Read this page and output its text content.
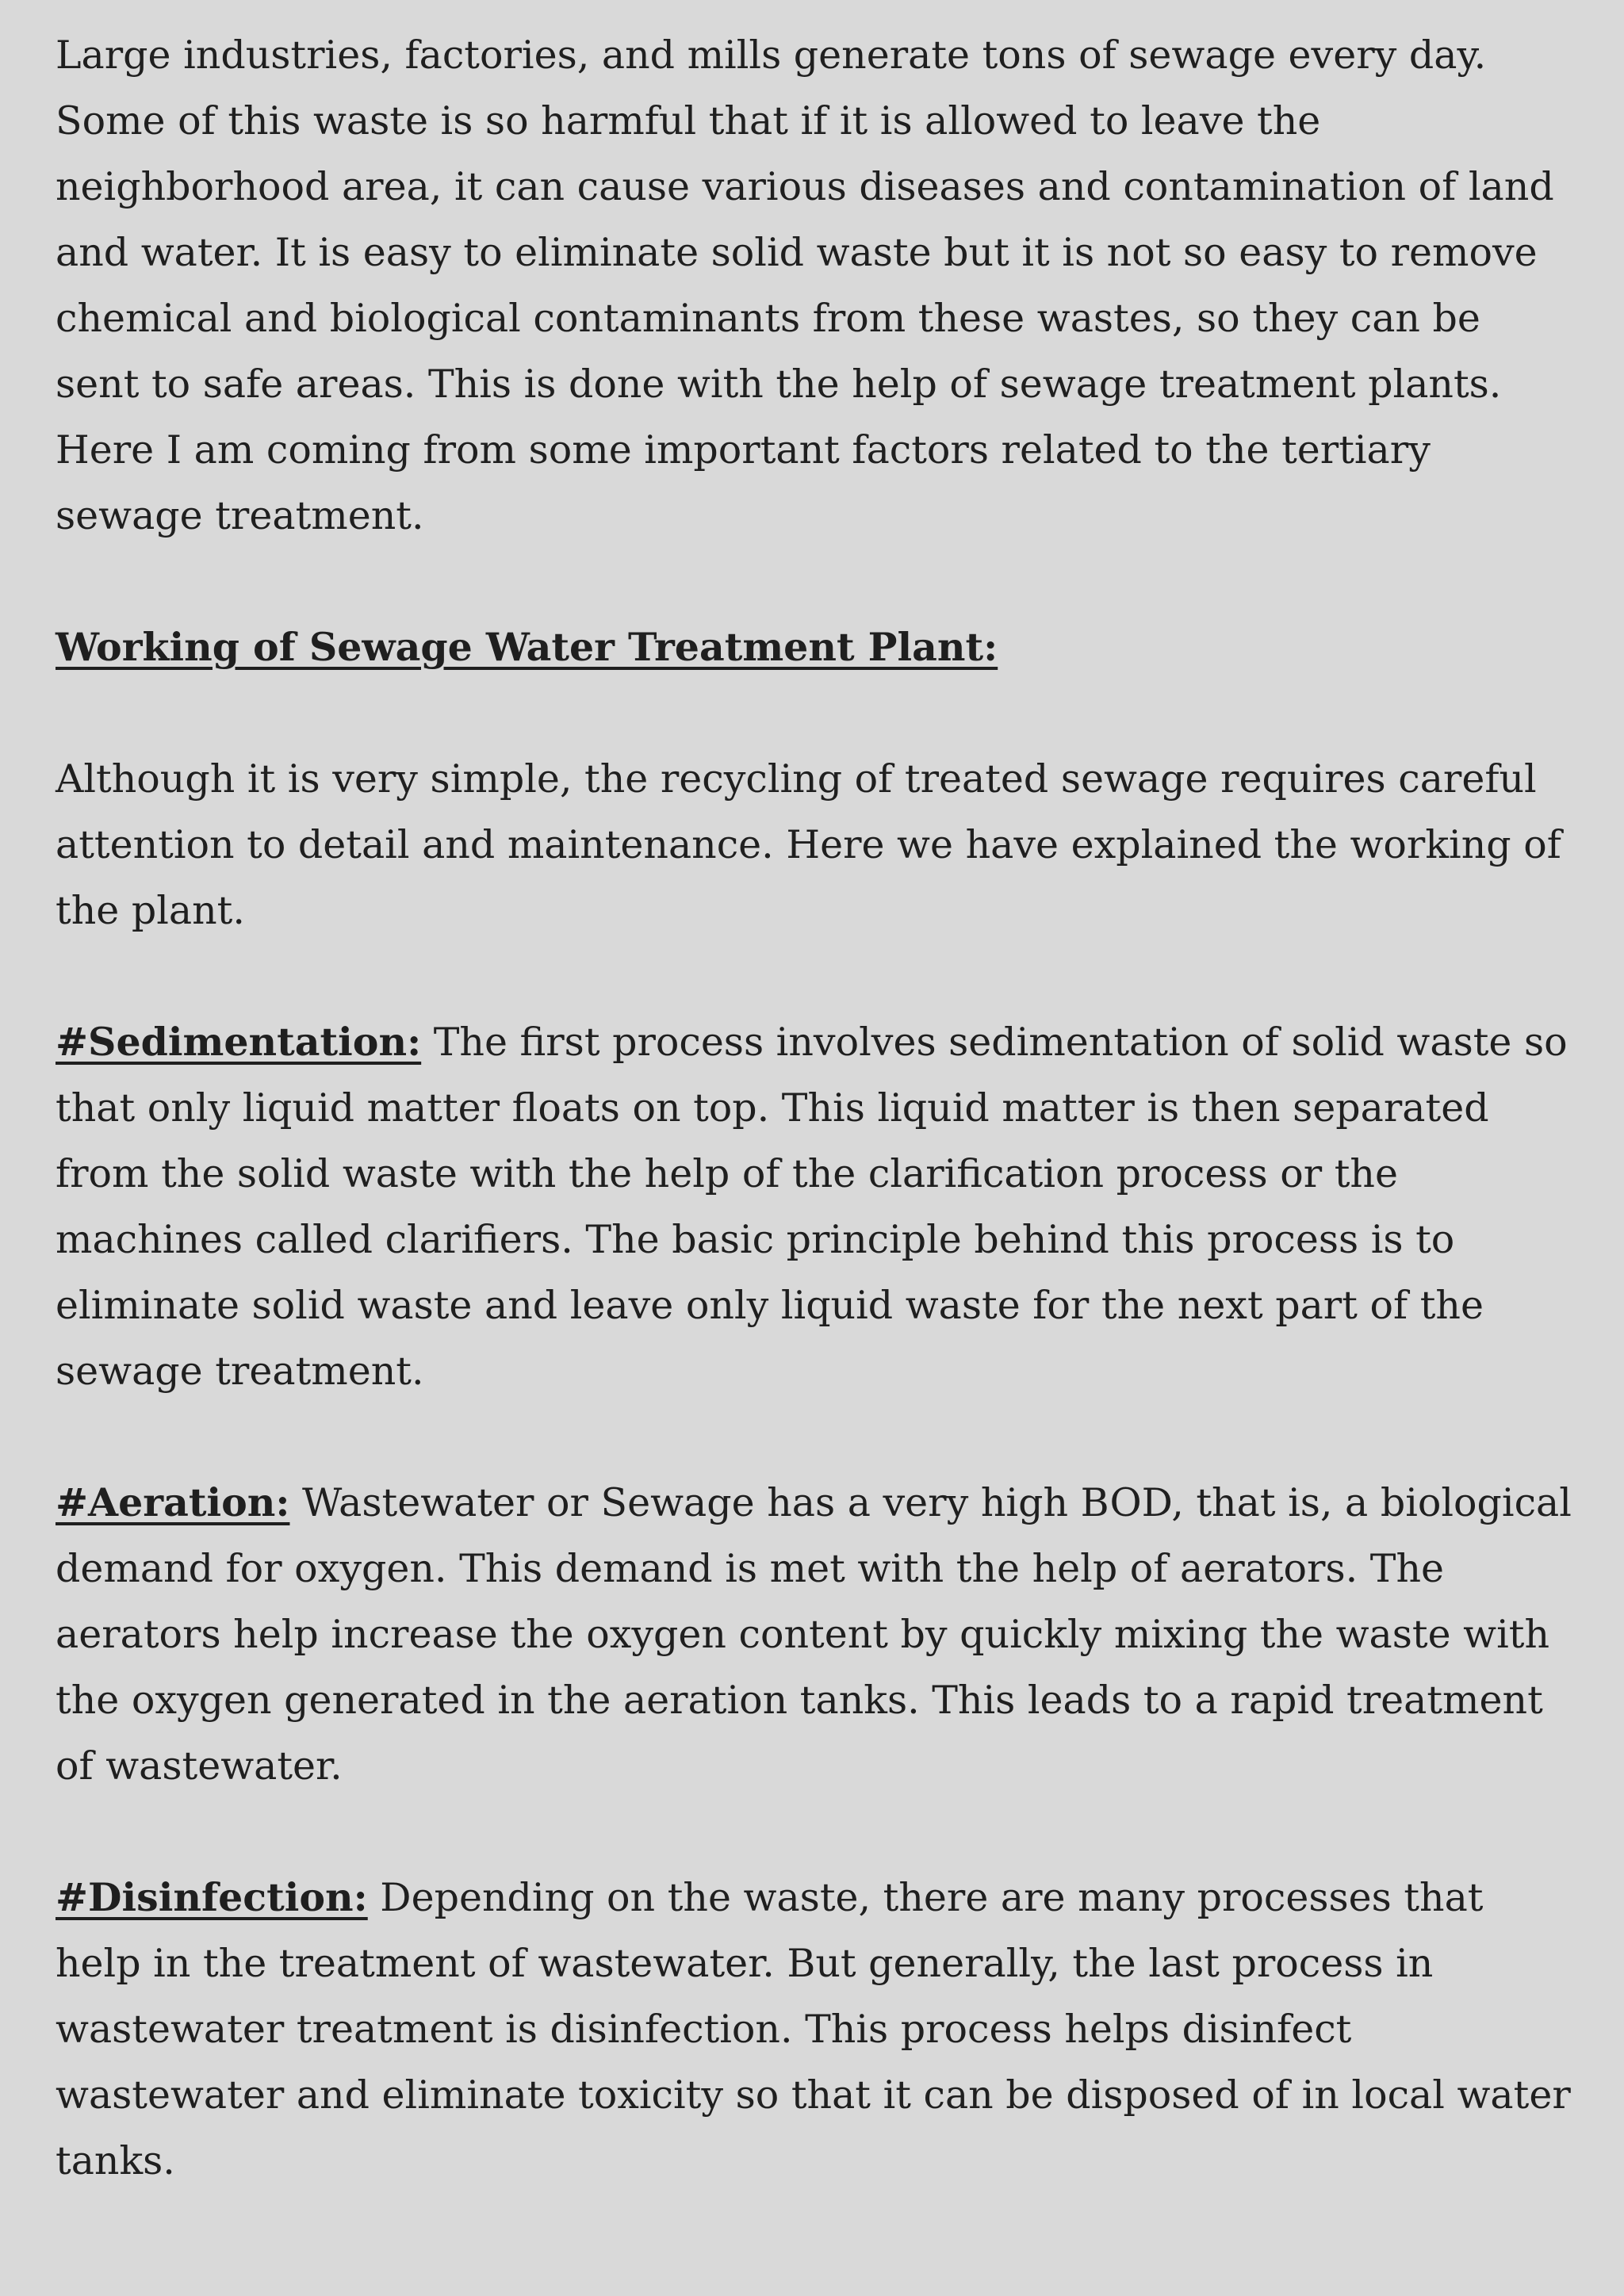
Large industries, factories, and mills generate tons of sewage every day. Some of this waste is so harmful that if it is allowed to leave the neighborhood area, it can cause various diseases and contamination of land and water. It is easy to eliminate solid waste but it is not so easy to remove chemical and biological contaminants from these wastes, so they can be sent to safe areas. This is done with the help of sewage treatment plants. Here I am coming from some important factors related to the tertiary sewage treatment.

Working of Sewage Water Treatment Plant:

Although it is very simple, the recycling of treated sewage requires careful attention to detail and maintenance. Here we have explained the working of the plant.

#Sedimentation: The first process involves sedimentation of solid waste so that only liquid matter floats on top. This liquid matter is then separated from the solid waste with the help of the clarification process or the machines called clarifiers. The basic principle behind this process is to eliminate solid waste and leave only liquid waste for the next part of the sewage treatment.

#Aeration: Wastewater or Sewage has a very high BOD, that is, a biological demand for oxygen. This demand is met with the help of aerators. The aerators help increase the oxygen content by quickly mixing the waste with the oxygen generated in the aeration tanks. This leads to a rapid treatment of wastewater.

#Disinfection: Depending on the waste, there are many processes that help in the treatment of wastewater. But generally, the last process in wastewater treatment is disinfection. This process helps disinfect wastewater and eliminate toxicity so that it can be disposed of in local water tanks.
